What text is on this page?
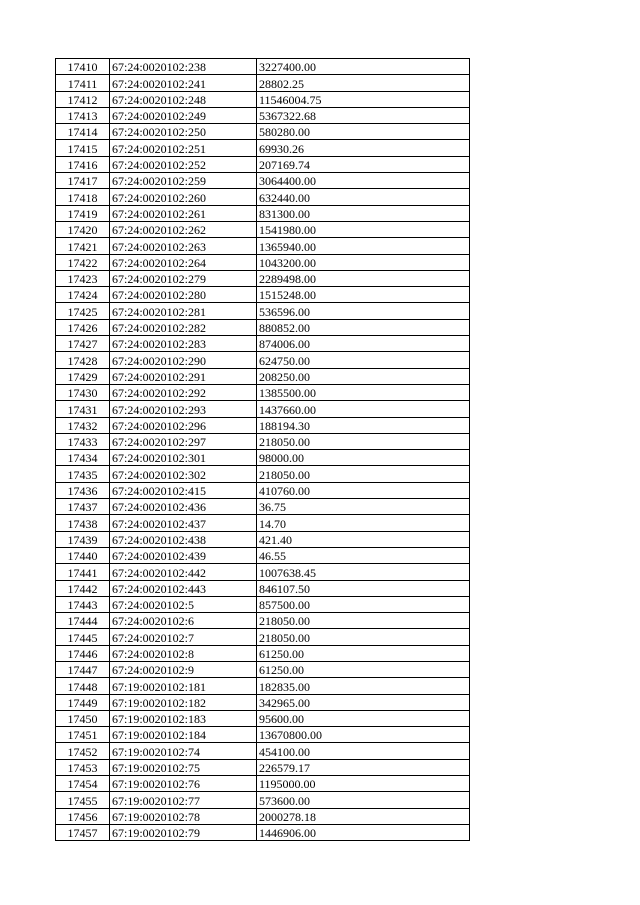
17410	67:24:0020102:238	3227400.00
17411	67:24:0020102:241	28802.25
17412	67:24:0020102:248	11546004.75
17413	67:24:0020102:249	5367322.68
17414	67:24:0020102:250	580280.00
17415	67:24:0020102:251	69930.26
17416	67:24:0020102:252	207169.74
17417	67:24:0020102:259	3064400.00
17418	67:24:0020102:260	632440.00
17419	67:24:0020102:261	831300.00
17420	67:24:0020102:262	1541980.00
17421	67:24:0020102:263	1365940.00
17422	67:24:0020102:264	1043200.00
17423	67:24:0020102:279	2289498.00
17424	67:24:0020102:280	1515248.00
17425	67:24:0020102:281	536596.00
17426	67:24:0020102:282	880852.00
17427	67:24:0020102:283	874006.00
17428	67:24:0020102:290	624750.00
17429	67:24:0020102:291	208250.00
17430	67:24:0020102:292	1385500.00
17431	67:24:0020102:293	1437660.00
17432	67:24:0020102:296	188194.30
17433	67:24:0020102:297	218050.00
17434	67:24:0020102:301	98000.00
17435	67:24:0020102:302	218050.00
17436	67:24:0020102:415	410760.00
17437	67:24:0020102:436	36.75
17438	67:24:0020102:437	14.70
17439	67:24:0020102:438	421.40
17440	67:24:0020102:439	46.55
17441	67:24:0020102:442	1007638.45
17442	67:24:0020102:443	846107.50
17443	67:24:0020102:5	857500.00
17444	67:24:0020102:6	218050.00
17445	67:24:0020102:7	218050.00
17446	67:24:0020102:8	61250.00
17447	67:24:0020102:9	61250.00
17448	67:19:0020102:181	182835.00
17449	67:19:0020102:182	342965.00
17450	67:19:0020102:183	95600.00
17451	67:19:0020102:184	13670800.00
17452	67:19:0020102:74	454100.00
17453	67:19:0020102:75	226579.17
17454	67:19:0020102:76	1195000.00
17455	67:19:0020102:77	573600.00
17456	67:19:0020102:78	2000278.18
17457	67:19:0020102:79	1446906.00
